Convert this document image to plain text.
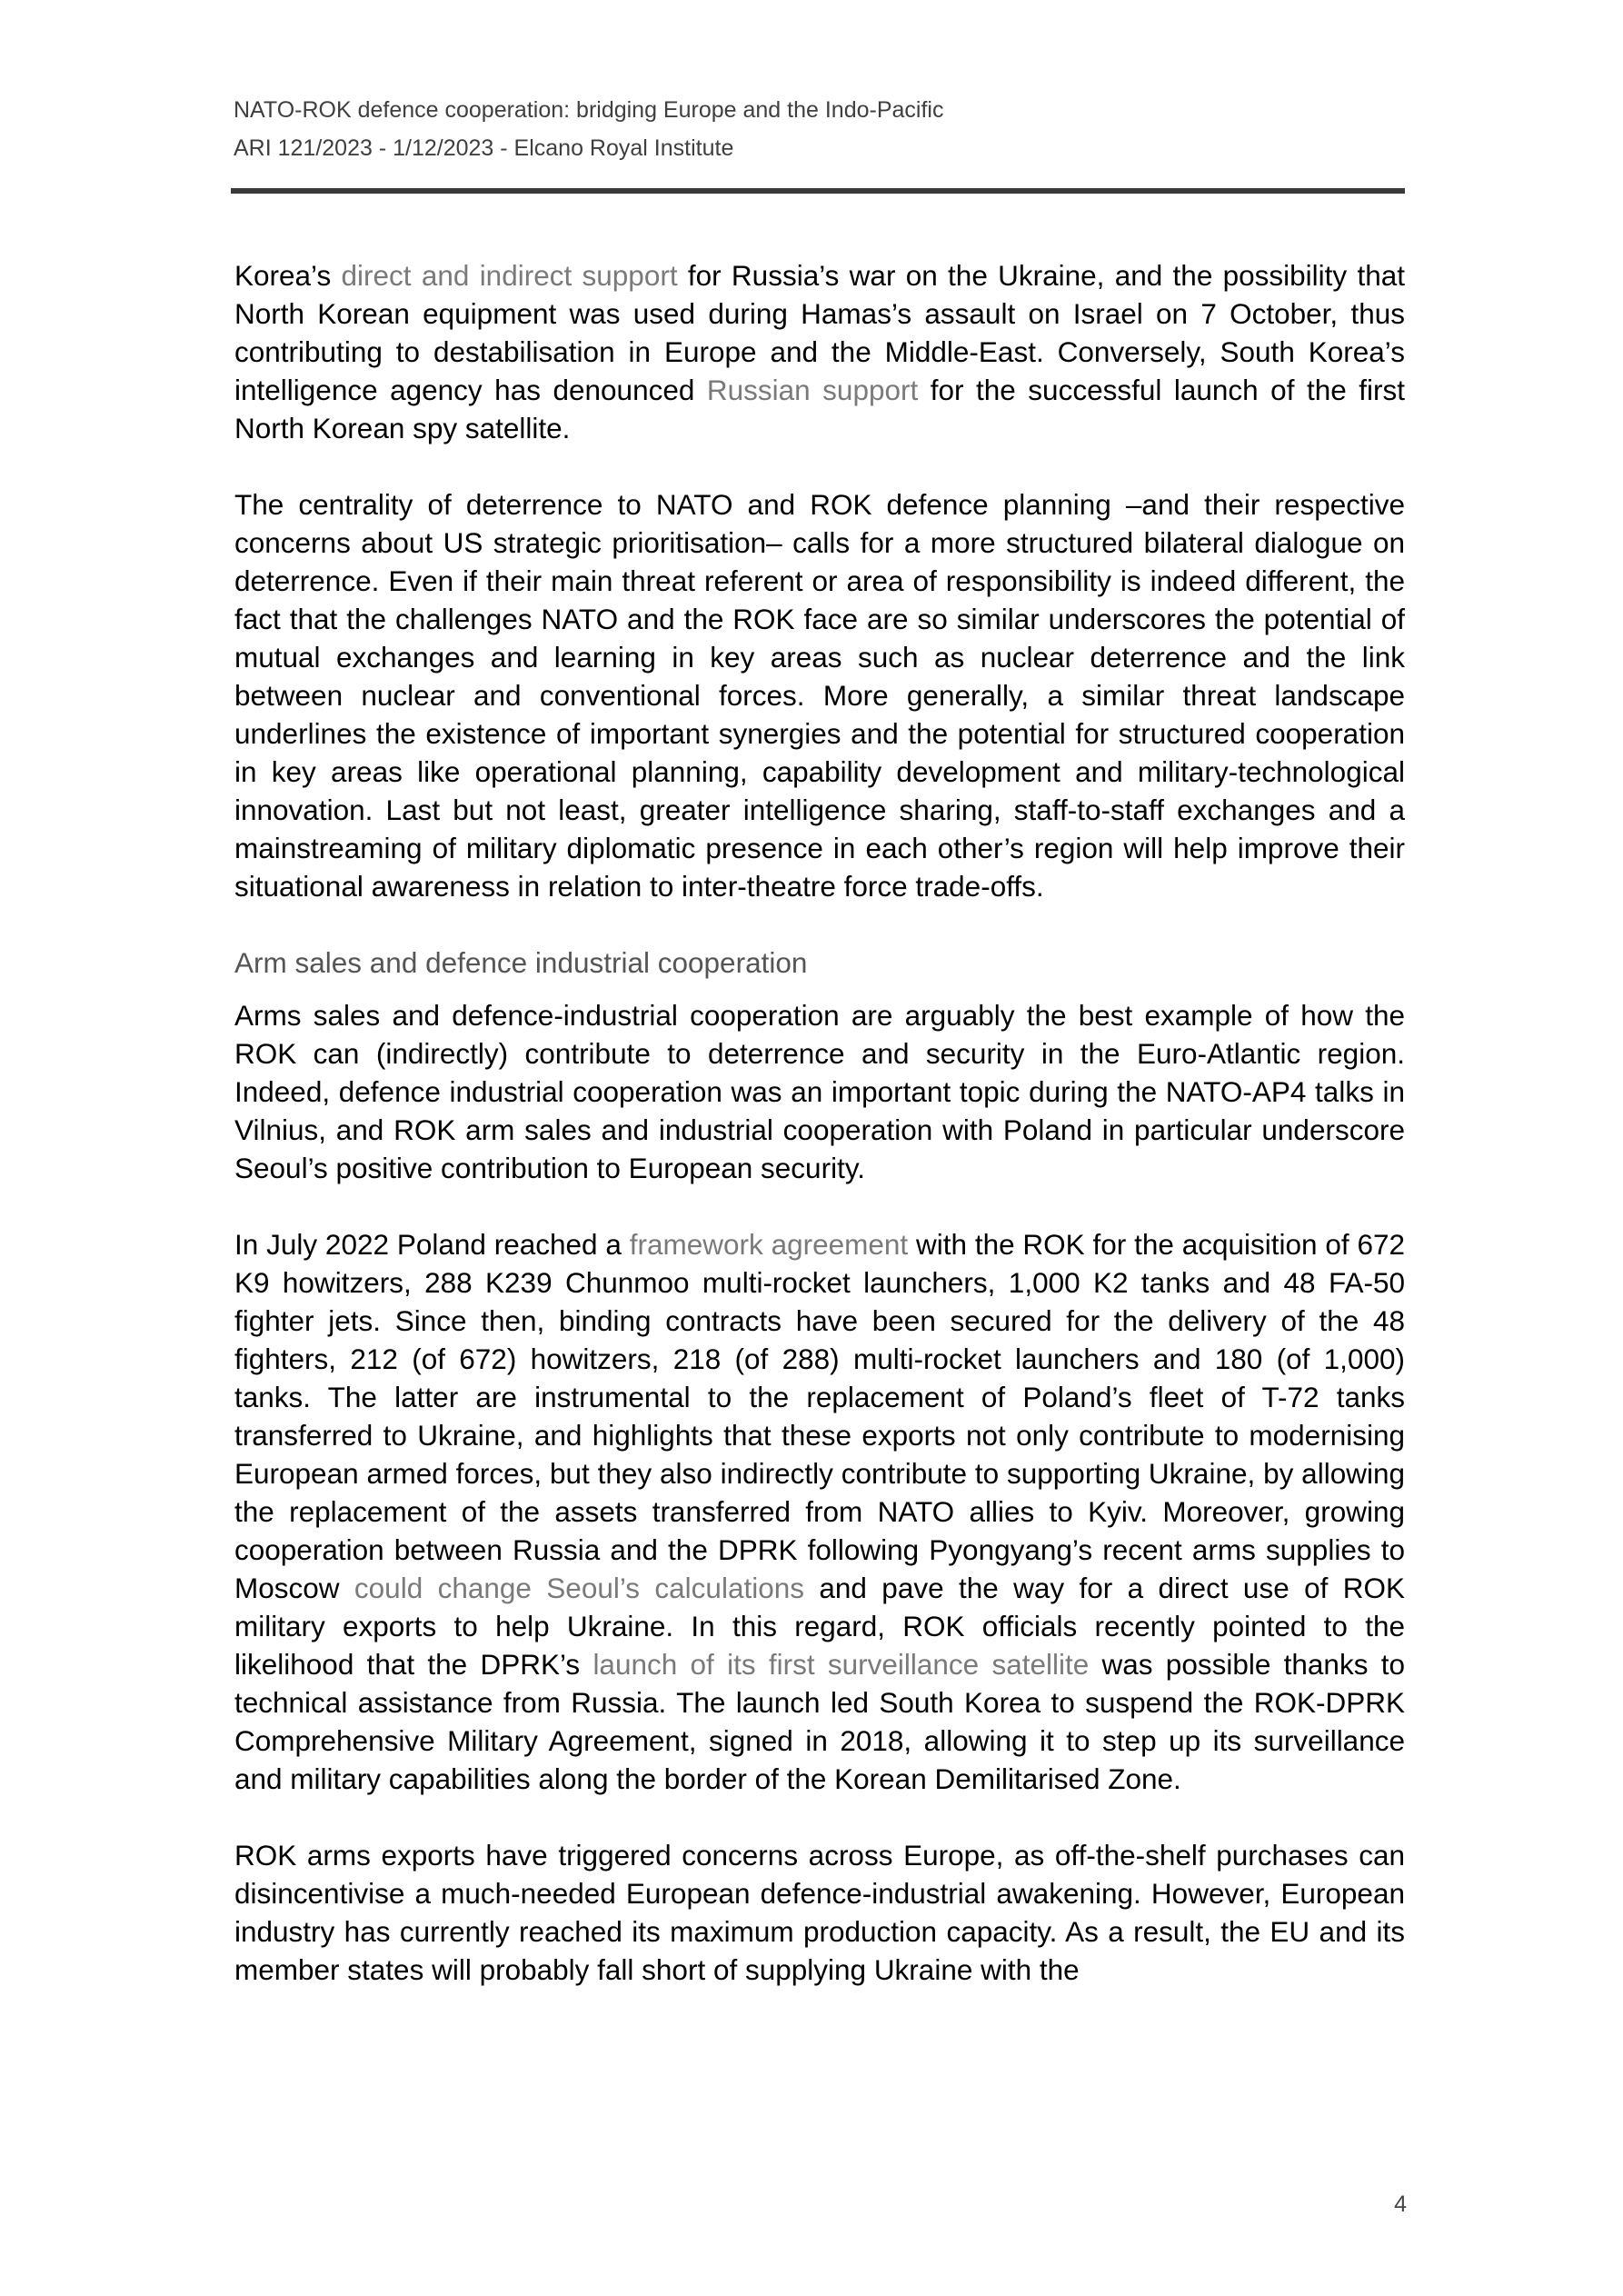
NATO-ROK defence cooperation: bridging Europe and the Indo-Pacific
ARI 121/2023 - 1/12/2023 - Elcano Royal Institute

Korea’s direct and indirect support for Russia’s war on the Ukraine, and the possibility that North Korean equipment was used during Hamas’s assault on Israel on 7 October, thus contributing to destabilisation in Europe and the Middle-East. Conversely, South Korea’s intelligence agency has denounced Russian support for the successful launch of the first North Korean spy satellite.

The centrality of deterrence to NATO and ROK defence planning –and their respective concerns about US strategic prioritisation– calls for a more structured bilateral dialogue on deterrence. Even if their main threat referent or area of responsibility is indeed different, the fact that the challenges NATO and the ROK face are so similar underscores the potential of mutual exchanges and learning in key areas such as nuclear deterrence and the link between nuclear and conventional forces. More generally, a similar threat landscape underlines the existence of important synergies and the potential for structured cooperation in key areas like operational planning, capability development and military-technological innovation. Last but not least, greater intelligence sharing, staff-to-staff exchanges and a mainstreaming of military diplomatic presence in each other’s region will help improve their situational awareness in relation to inter-theatre force trade-offs.

Arm sales and defence industrial cooperation

Arms sales and defence-industrial cooperation are arguably the best example of how the ROK can (indirectly) contribute to deterrence and security in the Euro-Atlantic region. Indeed, defence industrial cooperation was an important topic during the NATO-AP4 talks in Vilnius, and ROK arm sales and industrial cooperation with Poland in particular underscore Seoul’s positive contribution to European security.

In July 2022 Poland reached a framework agreement with the ROK for the acquisition of 672 K9 howitzers, 288 K239 Chunmoo multi-rocket launchers, 1,000 K2 tanks and 48 FA-50 fighter jets. Since then, binding contracts have been secured for the delivery of the 48 fighters, 212 (of 672) howitzers, 218 (of 288) multi-rocket launchers and 180 (of 1,000) tanks. The latter are instrumental to the replacement of Poland’s fleet of T-72 tanks transferred to Ukraine, and highlights that these exports not only contribute to modernising European armed forces, but they also indirectly contribute to supporting Ukraine, by allowing the replacement of the assets transferred from NATO allies to Kyiv. Moreover, growing cooperation between Russia and the DPRK following Pyongyang’s recent arms supplies to Moscow could change Seoul’s calculations and pave the way for a direct use of ROK military exports to help Ukraine. In this regard, ROK officials recently pointed to the likelihood that the DPRK’s launch of its first surveillance satellite was possible thanks to technical assistance from Russia. The launch led South Korea to suspend the ROK-DPRK Comprehensive Military Agreement, signed in 2018, allowing it to step up its surveillance and military capabilities along the border of the Korean Demilitarised Zone.

ROK arms exports have triggered concerns across Europe, as off-the-shelf purchases can disincentivise a much-needed European defence-industrial awakening. However, European industry has currently reached its maximum production capacity. As a result, the EU and its member states will probably fall short of supplying Ukraine with the

4
